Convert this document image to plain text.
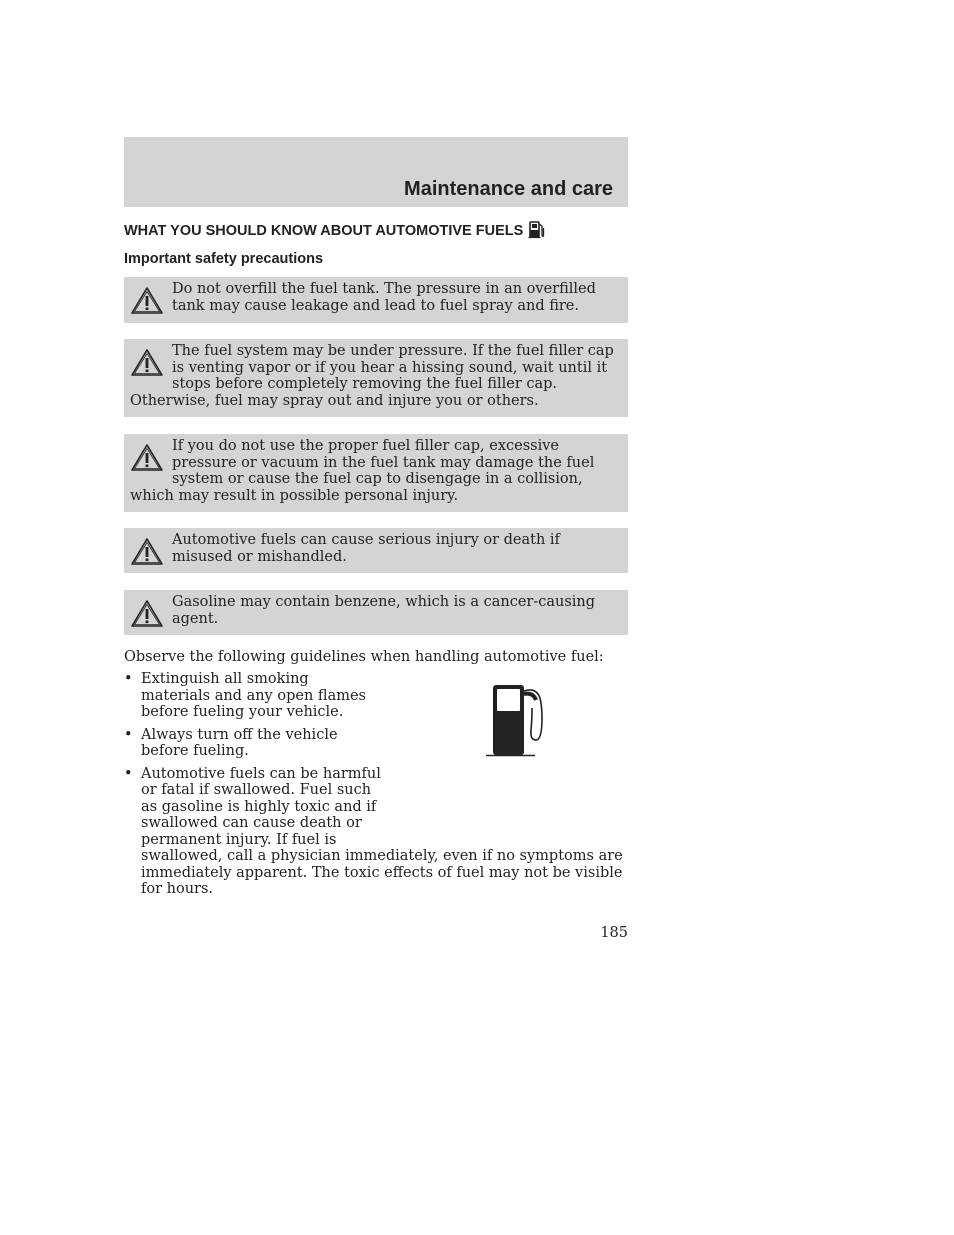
Maintenance and care
WHAT YOU SHOULD KNOW ABOUT AUTOMOTIVE FUELS
Important safety precautions

Do not overfill the fuel tank. The pressure in an overfilled tank may cause leakage and lead to fuel spray and fire.

The fuel system may be under pressure. If the fuel filler cap is venting vapor or if you hear a hissing sound, wait until it stops before completely removing the fuel filler cap. Otherwise, fuel may spray out and injure you or others.

If you do not use the proper fuel filler cap, excessive pressure or vacuum in the fuel tank may damage the fuel system or cause the fuel cap to disengage in a collision, which may result in possible personal injury.

Automotive fuels can cause serious injury or death if misused or mishandled.

Gasoline may contain benzene, which is a cancer-causing agent.

Observe the following guidelines when handling automotive fuel:
• Extinguish all smoking materials and any open flames before fueling your vehicle.
• Always turn off the vehicle before fueling.
• Automotive fuels can be harmful or fatal if swallowed. Fuel such as gasoline is highly toxic and if swallowed can cause death or permanent injury. If fuel is
swallowed, call a physician immediately, even if no symptoms are immediately apparent. The toxic effects of fuel may not be visible for hours.
185
